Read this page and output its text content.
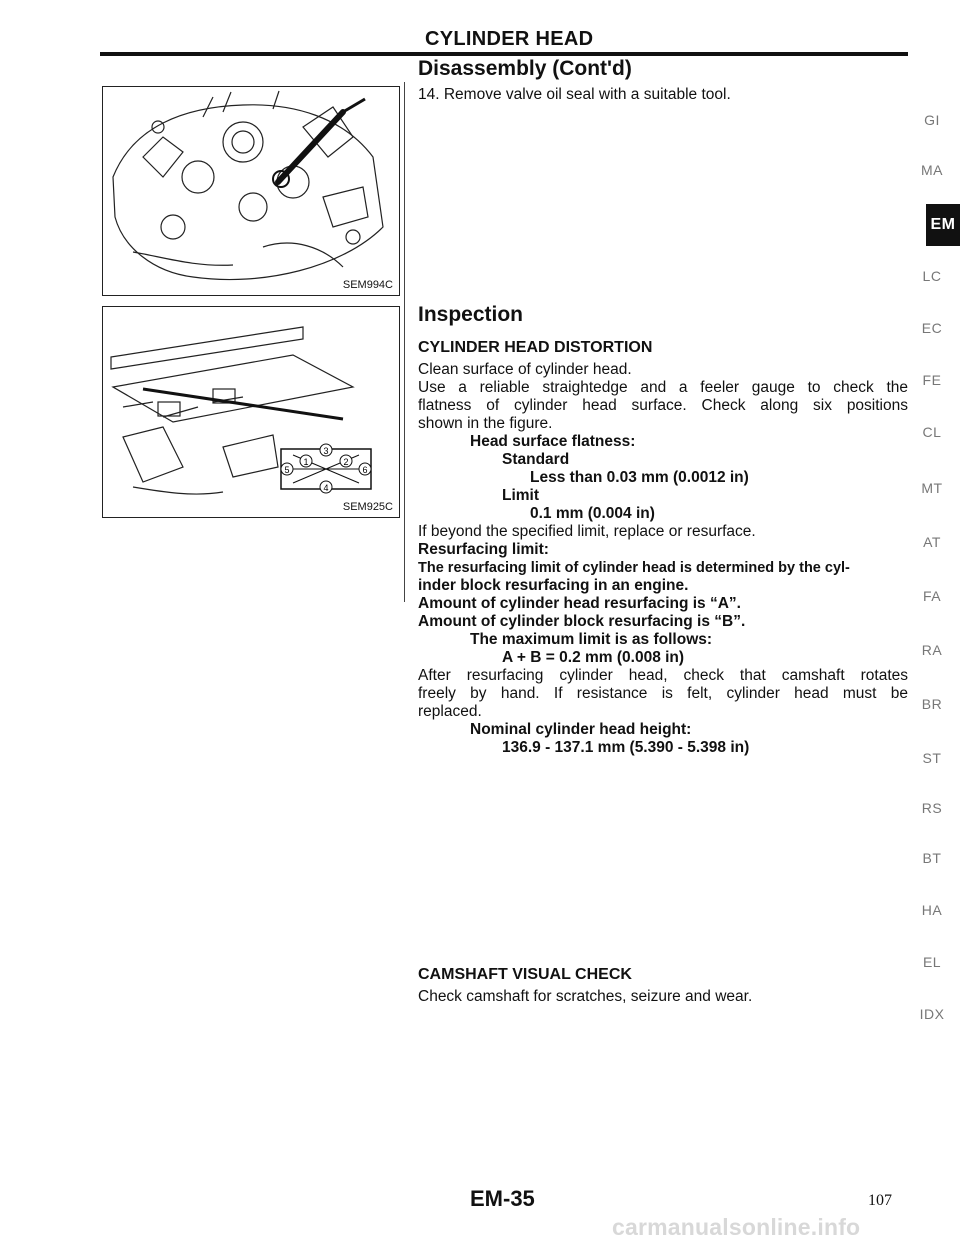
CYLINDER HEAD
Disassembly (Cont'd)
14. Remove valve oil seal with a suitable tool.
SEM994C
5
1
3
2
4
6
SEM925C
Inspection
CYLINDER HEAD DISTORTION
Clean surface of cylinder head.
Use a reliable straightedge and a feeler gauge to check the
flatness of cylinder head surface. Check along six positions
shown in the figure.
Head surface flatness:
Standard
Less than 0.03 mm (0.0012 in)
Limit
0.1 mm (0.004 in)
If beyond the specified limit, replace or resurface.
Resurfacing limit:
The resurfacing limit of cylinder head is determined by the cyl-
inder block resurfacing in an engine.
Amount of cylinder head resurfacing is “A”.
Amount of cylinder block resurfacing is “B”.
The maximum limit is as follows:
A + B = 0.2 mm (0.008 in)
After resurfacing cylinder head, check that camshaft rotates
freely by hand. If resistance is felt, cylinder head must be
replaced.
Nominal cylinder head height:
136.9 - 137.1 mm (5.390 - 5.398 in)
CAMSHAFT VISUAL CHECK
Check camshaft for scratches, seizure and wear.
GI
MA
EM
LC
EC
FE
CL
MT
AT
FA
RA
BR
ST
RS
BT
HA
EL
IDX
EM-35	107
carmanualsonline.info
